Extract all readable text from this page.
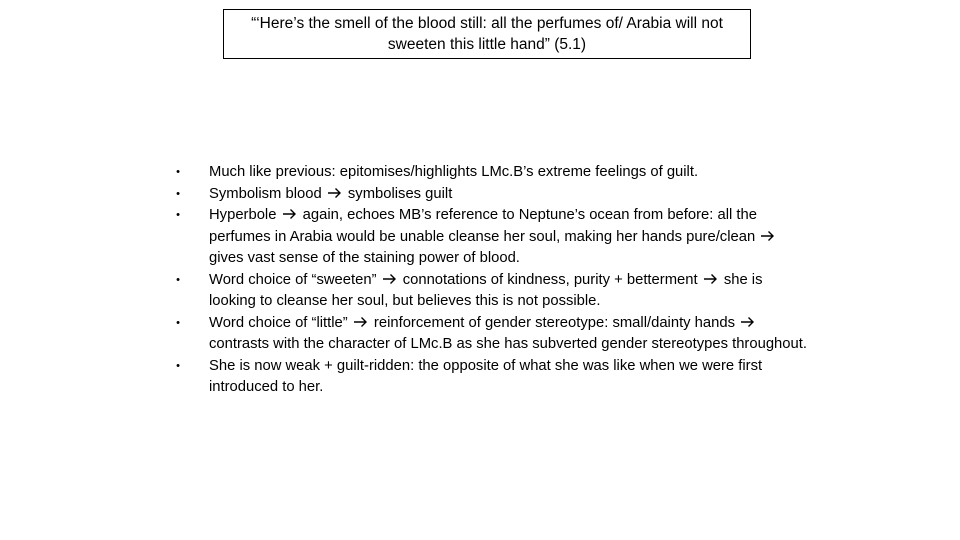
“‘Here’s the smell of the blood still: all the perfumes of/ Arabia will not sweeten this little hand” (5.1)
• Much like previous: epitomises/highlights LMc.B’s extreme feelings of guilt.
• Symbolism blood  symbolises guilt
• Hyperbole  again, echoes MB’s reference to Neptune’s ocean from before: all the perfumes in Arabia would be unable cleanse her soul, making her hands pure/clean  gives vast sense of the staining power of blood.
• Word choice of “sweeten”  connotations of kindness, purity + betterment  she is looking to cleanse her soul, but believes this is not possible.
• Word choice of “little”  reinforcement of gender stereotype: small/dainty hands  contrasts with the character of LMc.B as she has subverted gender stereotypes throughout.
• She is now weak + guilt-ridden: the opposite of what she was like when we were first introduced to her.
